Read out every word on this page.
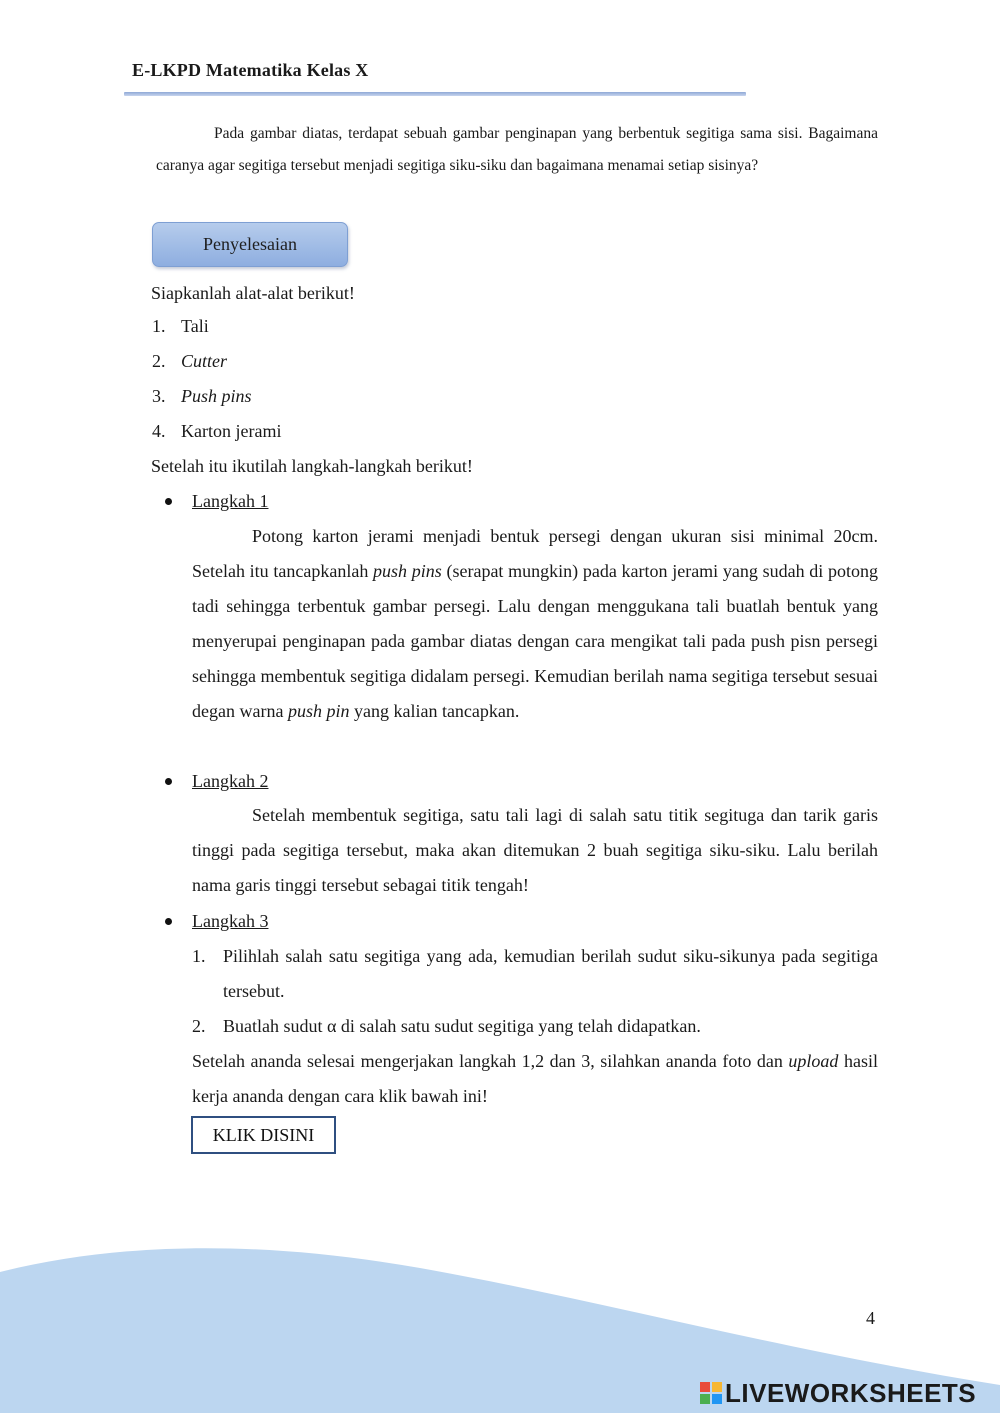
E-LKPD Matematika Kelas X
Pada gambar diatas, terdapat sebuah gambar penginapan yang berbentuk segitiga sama sisi. Bagaimana caranya agar segitiga tersebut menjadi segitiga siku-siku dan bagaimana menamai setiap sisinya?
Penyelesaian
Siapkanlah alat-alat berikut!
1. Tali
2. Cutter
3. Push pins
4. Karton jerami
Setelah itu ikutilah langkah-langkah berikut!
Langkah 1
Potong karton jerami menjadi bentuk persegi dengan ukuran sisi minimal 20cm. Setelah itu tancapkanlah push pins (serapat mungkin) pada karton jerami yang sudah di potong tadi sehingga terbentuk gambar persegi. Lalu dengan menggukana tali buatlah bentuk yang menyerupai penginapan pada gambar diatas dengan cara mengikat tali pada push pisn persegi sehingga membentuk segitiga didalam persegi. Kemudian berilah nama segitiga tersebut sesuai degan warna push pin yang kalian tancapkan.
Langkah 2
Setelah membentuk segitiga, satu tali lagi di salah satu titik segituga dan tarik garis tinggi pada segitiga tersebut, maka akan ditemukan 2 buah segitiga siku-siku. Lalu berilah nama garis tinggi tersebut sebagai titik tengah!
Langkah 3
1. Pilihlah salah satu segitiga yang ada, kemudian berilah sudut siku-sikunya pada segitiga tersebut.
2. Buatlah sudut α di salah satu sudut segitiga yang telah didapatkan.
Setelah ananda selesai mengerjakan langkah 1,2 dan 3, silahkan ananda foto dan upload hasil kerja ananda dengan cara klik bawah ini!
KLIK DISINI
4
LIVEWORKSHEETS
